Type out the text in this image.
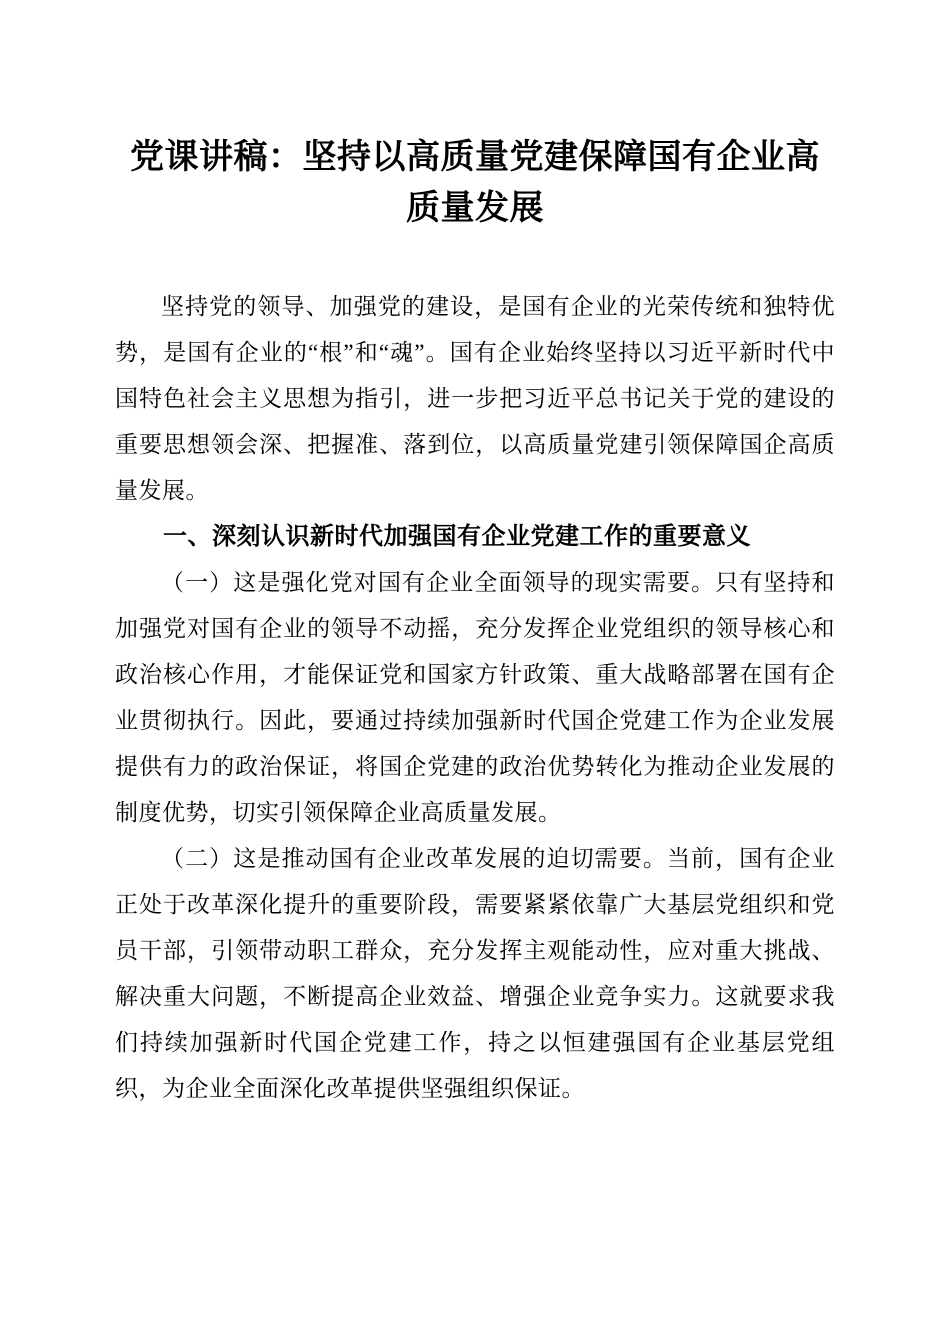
党课讲稿：坚持以高质量党建保障国有企业高质量发展

坚持党的领导、加强党的建设，是国有企业的光荣传统和独特优势，是国有企业的“根”和“魂”。国有企业始终坚持以习近平新时代中国特色社会主义思想为指引，进一步把习近平总书记关于党的建设的重要思想领会深、把握准、落到位，以高质量党建引领保障国企高质量发展。

一、深刻认识新时代加强国有企业党建工作的重要意义

（一）这是强化党对国有企业全面领导的现实需要。只有坚持和加强党对国有企业的领导不动摇，充分发挥企业党组织的领导核心和政治核心作用，才能保证党和国家方针政策、重大战略部署在国有企业贯彻执行。因此，要通过持续加强新时代国企党建工作为企业发展提供有力的政治保证，将国企党建的政治优势转化为推动企业发展的制度优势，切实引领保障企业高质量发展。

（二）这是推动国有企业改革发展的迫切需要。当前，国有企业正处于改革深化提升的重要阶段，需要紧紧依靠广大基层党组织和党员干部，引领带动职工群众，充分发挥主观能动性，应对重大挑战、解决重大问题，不断提高企业效益、增强企业竞争实力。这就要求我们持续加强新时代国企党建工作，持之以恒建强国有企业基层党组织，为企业全面深化改革提供坚强组织保证。
